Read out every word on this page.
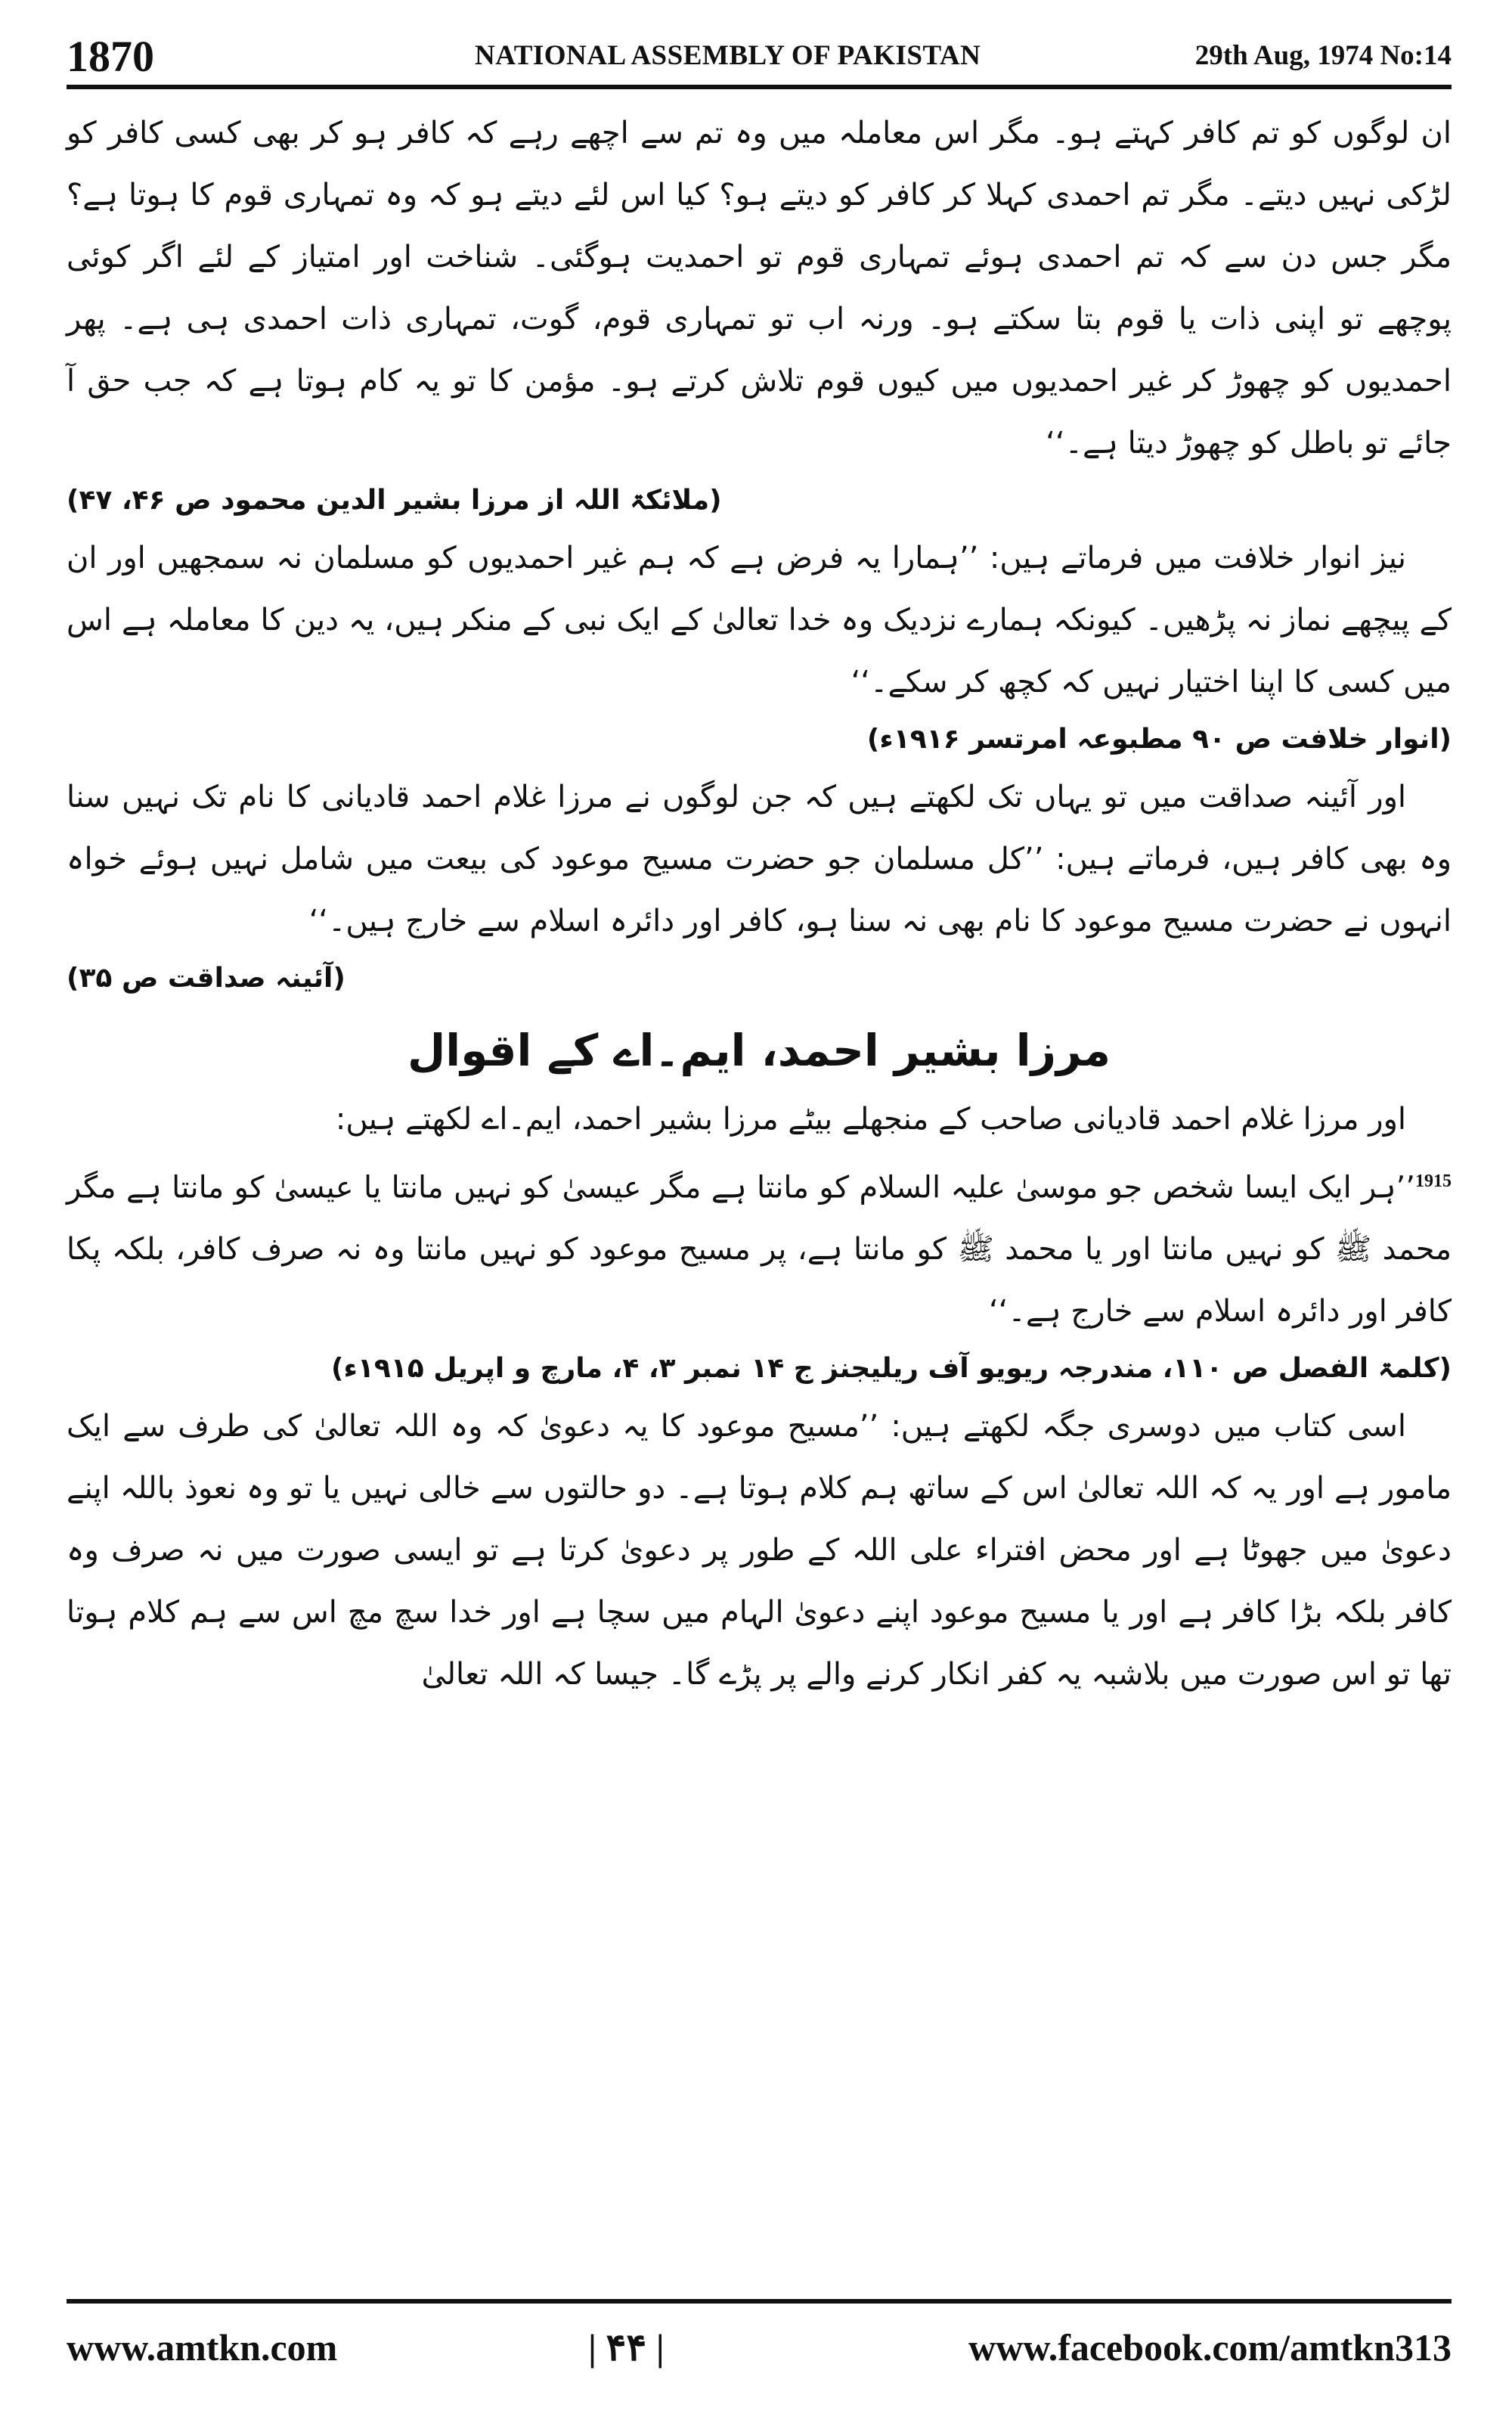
1870	NATIONAL ASSEMBLY OF PAKISTAN	29th Aug, 1974 No:14

ان لوگوں کو تم کافر کہتے ہو۔ مگر اس معاملہ میں وہ تم سے اچھے رہے کہ کافر ہو کر بھی کسی کافر کو لڑکی نہیں دیتے۔ مگر تم احمدی کہلا کر کافر کو دیتے ہو؟ کیا اس لئے دیتے ہو کہ وہ تمہاری قوم کا ہوتا ہے؟ مگر جس دن سے کہ تم احمدی ہوئے تمہاری قوم تو احمدیت ہوگئی۔ شناخت اور امتیاز کے لئے اگر کوئی پوچھے تو اپنی ذات یا قوم بتا سکتے ہو۔ ورنہ اب تو تمہاری قوم، گوت، تمہاری ذات احمدی ہی ہے۔ پھر احمدیوں کو چھوڑ کر غیر احمدیوں میں کیوں قوم تلاش کرتے ہو۔ مؤمن کا تو یہ کام ہوتا ہے کہ جب حق آ جائے تو باطل کو چھوڑ دیتا ہے۔‘‘

(ملائکۃ اللہ از مرزا بشیر الدین محمود ص ۴۶، ۴۷)

نیز انوار خلافت میں فرماتے ہیں: ’’ہمارا یہ فرض ہے کہ ہم غیر احمدیوں کو مسلمان نہ سمجھیں اور ان کے پیچھے نماز نہ پڑھیں۔ کیونکہ ہمارے نزدیک وہ خدا تعالیٰ کے ایک نبی کے منکر ہیں، یہ دین کا معاملہ ہے اس میں کسی کا اپنا اختیار نہیں کہ کچھ کر سکے۔‘‘

(انوار خلافت ص ۹۰ مطبوعہ امرتسر ۱۹۱۶ء)

اور آئینہ صداقت میں تو یہاں تک لکھتے ہیں کہ جن لوگوں نے مرزا غلام احمد قادیانی کا نام تک نہیں سنا وہ بھی کافر ہیں، فرماتے ہیں: ’’کل مسلمان جو حضرت مسیح موعود کی بیعت میں شامل نہیں ہوئے خواہ انہوں نے حضرت مسیح موعود کا نام بھی نہ سنا ہو، کافر اور دائرہ اسلام سے خارج ہیں۔‘‘

(آئینہ صداقت ص ۳۵)

مرزا بشیر احمد، ایم۔اے کے اقوال

اور مرزا غلام احمد قادیانی صاحب کے منجھلے بیٹے مرزا بشیر احمد، ایم۔اے لکھتے ہیں:

$^{1915}$’’ہر ایک ایسا شخص جو موسیٰ علیہ السلام کو مانتا ہے مگر عیسیٰ کو نہیں مانتا یا عیسیٰ کو مانتا ہے مگر محمد ﷺ کو نہیں مانتا اور یا محمد ﷺ کو مانتا ہے، پر مسیح موعود کو نہیں مانتا وہ نہ صرف کافر، بلکہ پکا کافر اور دائرہ اسلام سے خارج ہے۔‘‘

(کلمۃ الفصل ص ۱۱۰، مندرجہ ریویو آف ریلیجنز ج ۱۴ نمبر ۳، ۴، مارچ و اپریل ۱۹۱۵ء)

اسی کتاب میں دوسری جگہ لکھتے ہیں: ’’مسیح موعود کا یہ دعویٰ کہ وہ اللہ تعالیٰ کی طرف سے ایک مامور ہے اور یہ کہ اللہ تعالیٰ اس کے ساتھ ہم کلام ہوتا ہے۔ دو حالتوں سے خالی نہیں یا تو وہ نعوذ باللہ اپنے دعویٰ میں جھوٹا ہے اور محض افتراء علی اللہ کے طور پر دعویٰ کرتا ہے تو ایسی صورت میں نہ صرف وہ کافر بلکہ بڑا کافر ہے اور یا مسیح موعود اپنے دعویٰ الہام میں سچا ہے اور خدا سچ مچ اس سے ہم کلام ہوتا تھا تو اس صورت میں بلاشبہ یہ کفر انکار کرنے والے پر پڑے گا۔ جیسا کہ اللہ تعالیٰ

www.amtkn.com	| ۴۴ |	www.facebook.com/amtkn313
